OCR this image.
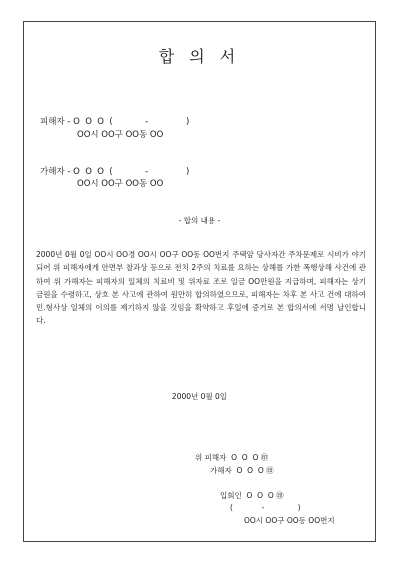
합 의 서
피해자 - O  O  O  (            -              )
OO시 OO구 OO동 OO
가해자 - O  O  O  (            -              )
OO시 OO구 OO동 OO
- 합의 내용 -
2000년 0월 0일 OO시 OO경 OO시 OO구 OO동 OO번지 주택앞 당사자간 주차문제로 시비가 야기되어 위 피해자에게 안면부 찰과상 등으로 전치 2주의 치료를 요하는 상해를 가한 폭행상해 사건에 관하여 위 가해자는 피해자의 일체의 치료비 및 위자료 조로 일금 OO만원을 지급하며, 피해자는 상기 금원을 수령하고, 상호 본 사고에 관하여 원만히 합의하였으므로, 피해자는 차후 본 사고 건에 대하여 민.형사상 일체의 이의를 제기하지 않을 것임을 확약하고 후일에 증거로 본 합의서에 서명 날인합니다.
2000년 0월 0일
위 피해자  O  O  O ㊞
가해자  O  O  O ㊞
입회인  O  O  O ㊞
(            -              )
OO시 OO구 OO동 OO번지
